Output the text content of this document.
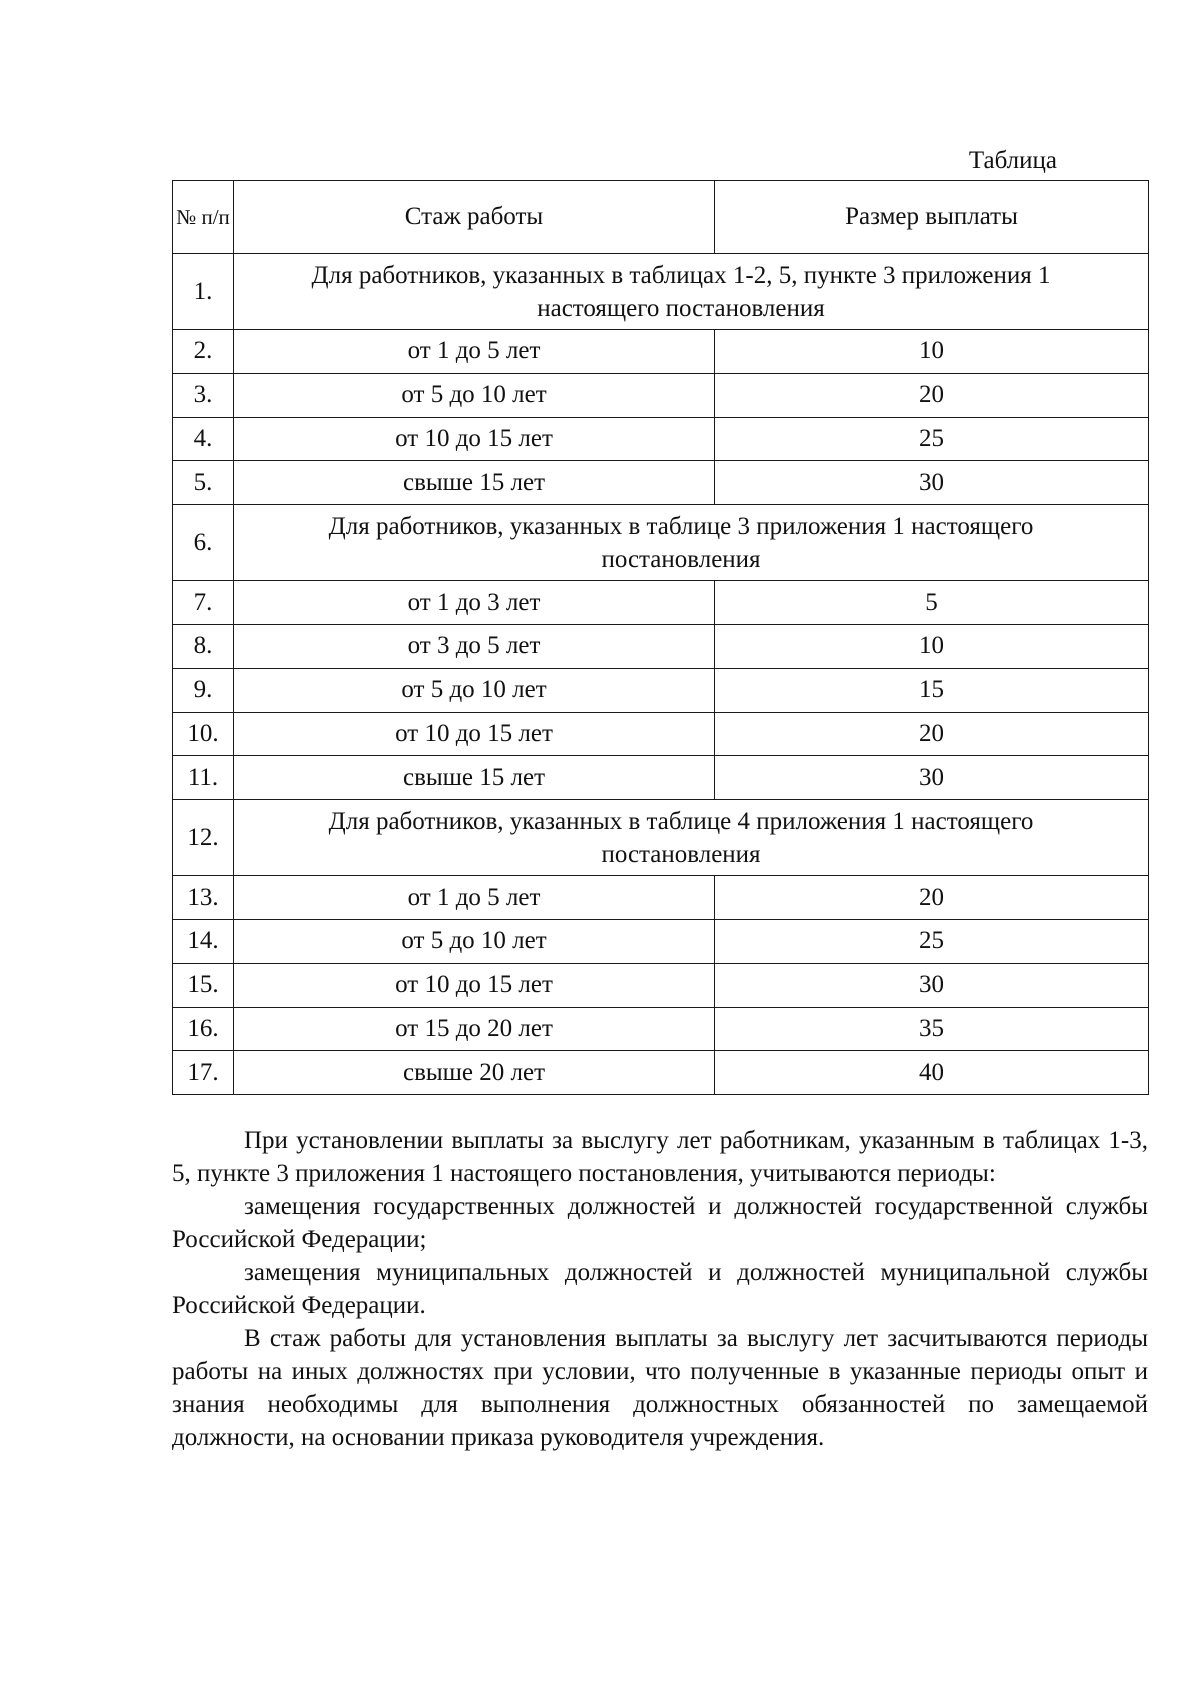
Таблица
№ п/п	Стаж работы	Размер выплаты
1.	Для работников, указанных в таблицах 1-2, 5, пункте 3 приложения 1 настоящего постановления	
2.	от 1 до 5 лет	10
3.	от 5 до 10 лет	20
4.	от 10 до 15 лет	25
5.	свыше 15 лет	30
6.	Для работников, указанных в таблице 3 приложения 1 настоящего постановления	
7.	от 1 до 3 лет	5
8.	от 3 до 5 лет	10
9.	от 5 до 10 лет	15
10.	от 10 до 15 лет	20
11.	свыше 15 лет	30
12.	Для работников, указанных в таблице 4 приложения 1 настоящего постановления	
13.	от 1 до 5 лет	20
14.	от 5 до 10 лет	25
15.	от 10 до 15 лет	30
16.	от 15 до 20 лет	35
17.	свыше 20 лет	40

При установлении выплаты за выслугу лет работникам, указанным в таблицах 1-3, 5, пункте 3 приложения 1 настоящего постановления, учитываются периоды:

замещения государственных должностей и должностей государственной службы Российской Федерации;

замещения муниципальных должностей и должностей муниципальной службы Российской Федерации.

В стаж работы для установления выплаты за выслугу лет засчитываются периоды работы на иных должностях при условии, что полученные в указанные периоды опыт и знания необходимы для выполнения должностных обязанностей по замещаемой должности, на основании приказа руководителя учреждения.
